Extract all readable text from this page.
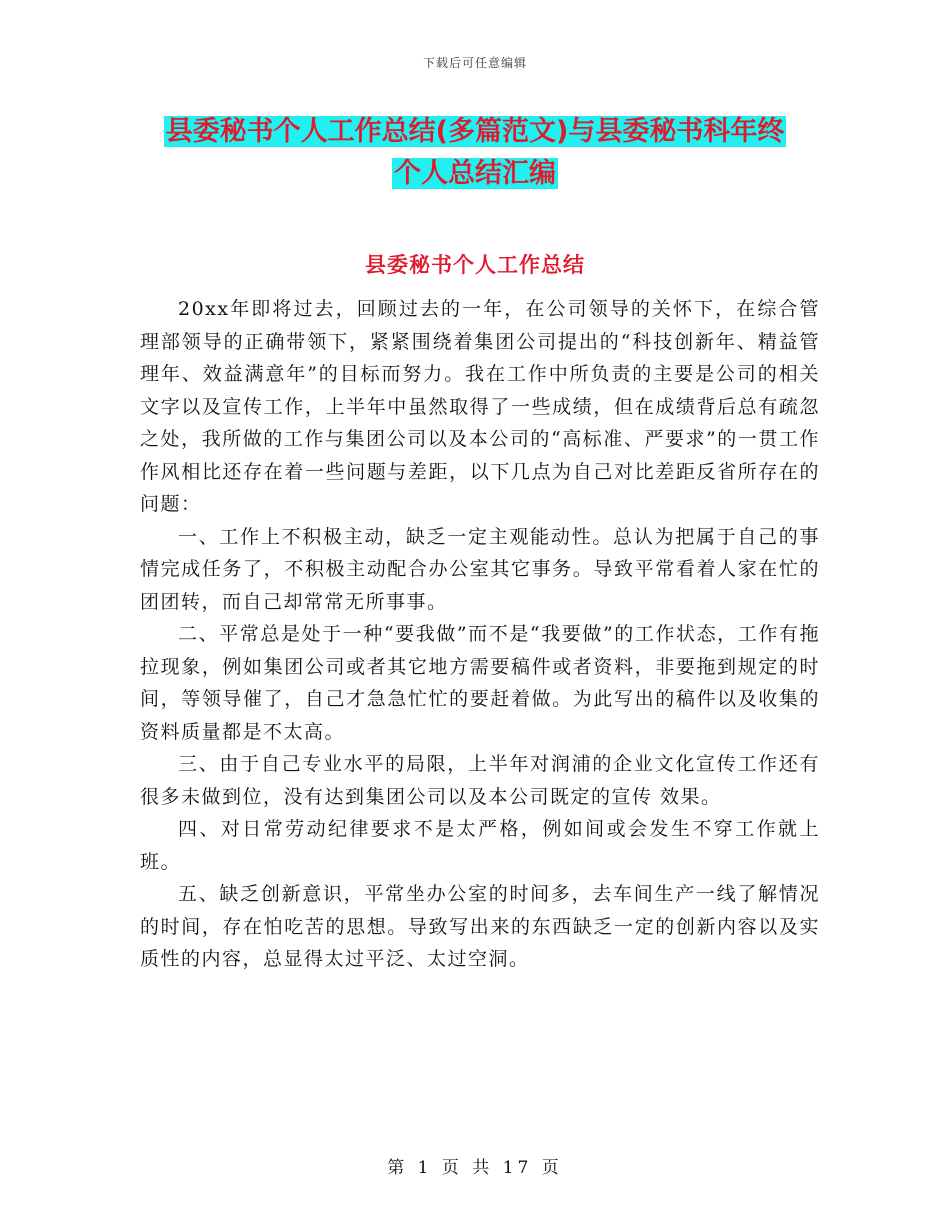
下载后可任意编辑
县委秘书个人工作总结(多篇范文)与县委秘书科年终
个人总结汇编
县委秘书个人工作总结

20xx年即将过去，回顾过去的一年，在公司领导的关怀下，在综合管理部领导的正确带领下，紧紧围绕着集团公司提出的“科技创新年、精益管理年、效益满意年”的目标而努力。我在工作中所负责的主要是公司的相关文字以及宣传工作，上半年中虽然取得了一些成绩，但在成绩背后总有疏忽之处，我所做的工作与集团公司以及本公司的“高标准、严要求”的一贯工作作风相比还存在着一些问题与差距，以下几点为自己对比差距反省所存在的问题：

一、工作上不积极主动，缺乏一定主观能动性。总认为把属于自己的事情完成任务了，不积极主动配合办公室其它事务。导致平常看着人家在忙的团团转，而自己却常常无所事事。

二、平常总是处于一种“要我做”而不是“我要做”的工作状态，工作有拖拉现象，例如集团公司或者其它地方需要稿件或者资料，非要拖到规定的时间，等领导催了，自己才急急忙忙的要赶着做。为此写出的稿件以及收集的资料质量都是不太高。

三、由于自己专业水平的局限，上半年对润浦的企业文化宣传工作还有很多未做到位，没有达到集团公司以及本公司既定的宣传 效果。

四、对日常劳动纪律要求不是太严格，例如间或会发生不穿工作就上班。

五、缺乏创新意识，平常坐办公室的时间多，去车间生产一线了解情况的时间，存在怕吃苦的思想。导致写出来的东西缺乏一定的创新内容以及实质性的内容，总显得太过平泛、太过空洞。

第 1 页 共 17 页
